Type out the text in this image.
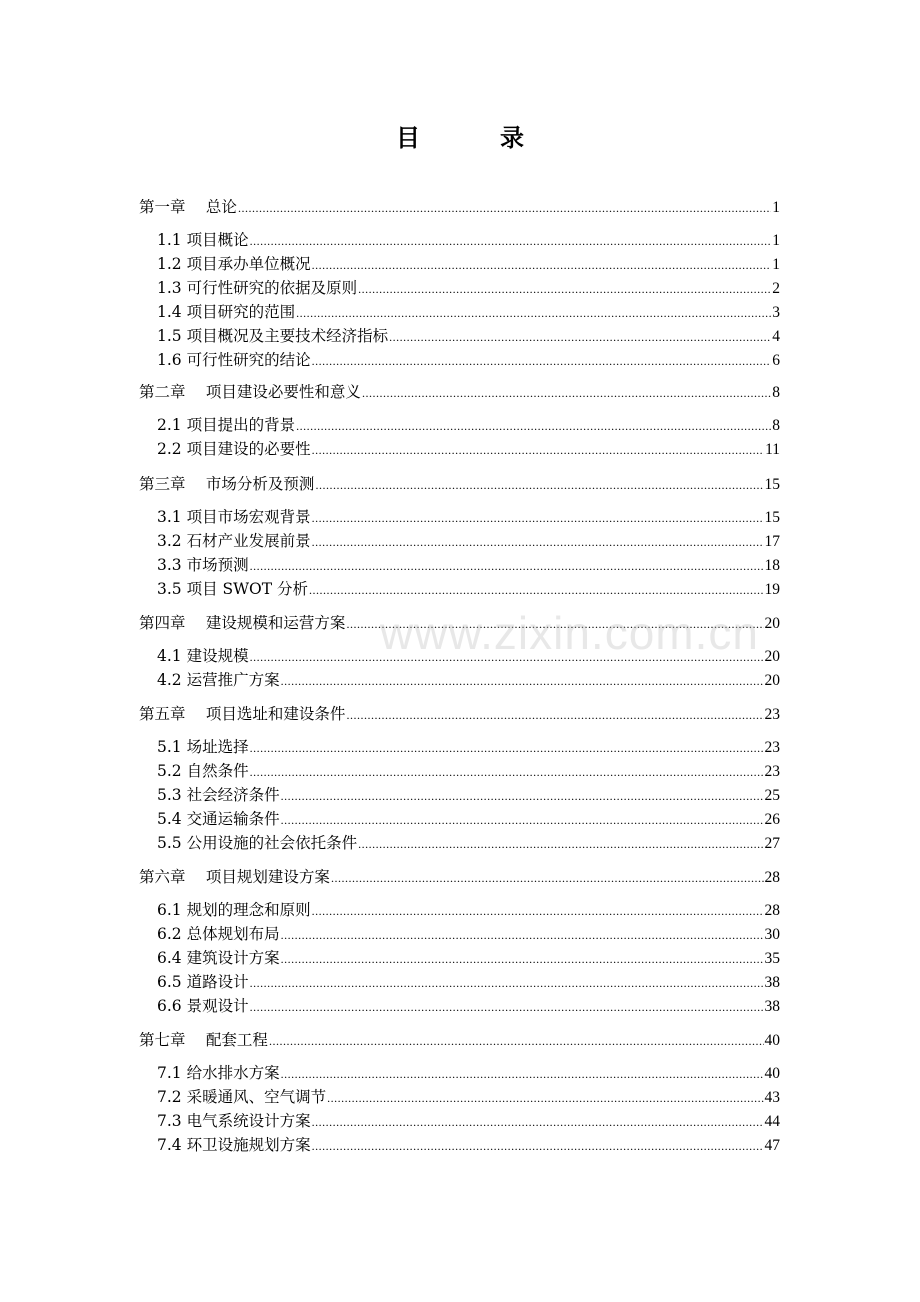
目　录
第一章　 总论 .....	1
1.1 项目概论 .....	1
1.2 项目承办单位概况 .....	1
1.3 可行性研究的依据及原则 .....	2
1.4 项目研究的范围 .....	3
1.5 项目概况及主要技术经济指标 .....	4
1.6 可行性研究的结论 .....	6
第二章　 项目建设必要性和意义 .....	8
2.1 项目提出的背景 .....	8
2.2 项目建设的必要性 .....	11
第三章　 市场分析及预测 .....	15
3.1 项目市场宏观背景 .....	15
3.2 石材产业发展前景 .....	17
3.3 市场预测 .....	18
3.5 项目 SWOT 分析 .....	19
第四章　 建设规模和运营方案 .....	20
4.1 建设规模 .....	20
4.2 运营推广方案 .....	20
第五章　 项目选址和建设条件 .....	23
5.1 场址选择 .....	23
5.2 自然条件 .....	23
5.3 社会经济条件 .....	25
5.4 交通运输条件 .....	26
5.5 公用设施的社会依托条件 .....	27
第六章　 项目规划建设方案 .....	28
6.1 规划的理念和原则 .....	28
6.2 总体规划布局 .....	30
6.4 建筑设计方案 .....	35
6.5 道路设计 .....	38
6.6 景观设计 .....	38
第七章　 配套工程 .....	40
7.1 给水排水方案 .....	40
7.2 采暖通风、空气调节 .....	43
7.3 电气系统设计方案 .....	44
7.4 环卫设施规划方案 .....	47
www.zixin.com.cn
